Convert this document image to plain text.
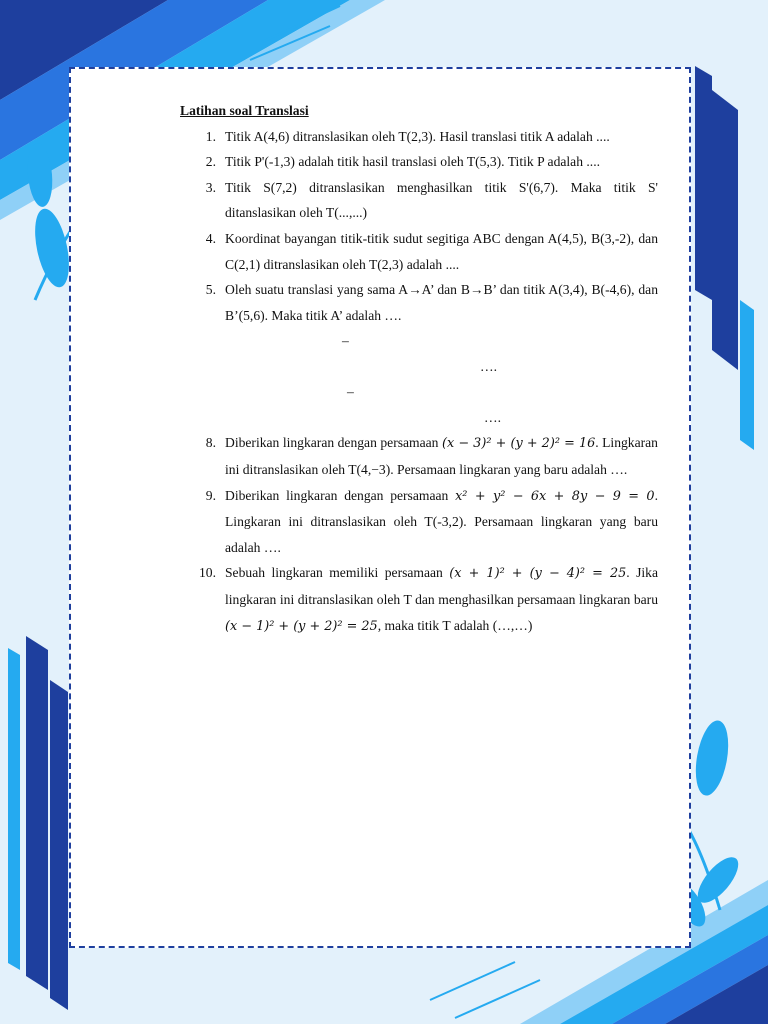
Latihan soal Translasi

1. Titik A(4,6) ditranslasikan oleh T(2,3). Hasil translasi titik A adalah ....
2. Titik P'(-1,3) adalah titik hasil translasi oleh T(5,3). Titik P adalah ....
3. Titik S(7,2) ditranslasikan menghasilkan titik S'(6,7). Maka titik S' ditanslasikan oleh T(...,...)
4. Koordinat bayangan titik-titik sudut segitiga ABC dengan A(4,5), B(3,-2), dan C(2,1) ditranslasikan oleh T(2,3) adalah ....
5. Oleh suatu translasi yang sama A→A’ dan B→B’ dan titik A(3,4), B(-4,6), dan B’(5,6). Maka titik A’ adalah ….
–
….
–
….
8. Diberikan lingkaran dengan persamaan (x − 3)² + (y + 2)² = 16. Lingkaran ini ditranslasikan oleh T(4,−3). Persamaan lingkaran yang baru adalah ….
9. Diberikan lingkaran dengan persamaan x² + y² − 6x + 8y − 9 = 0. Lingkaran ini ditranslasikan oleh T(-3,2). Persamaan lingkaran yang baru adalah ….
10. Sebuah lingkaran memiliki persamaan (x + 1)² + (y − 4)² = 25. Jika lingkaran ini ditranslasikan oleh T dan menghasilkan persamaan lingkaran baru (x − 1)² + (y + 2)² = 25, maka titik T adalah (…,…)
